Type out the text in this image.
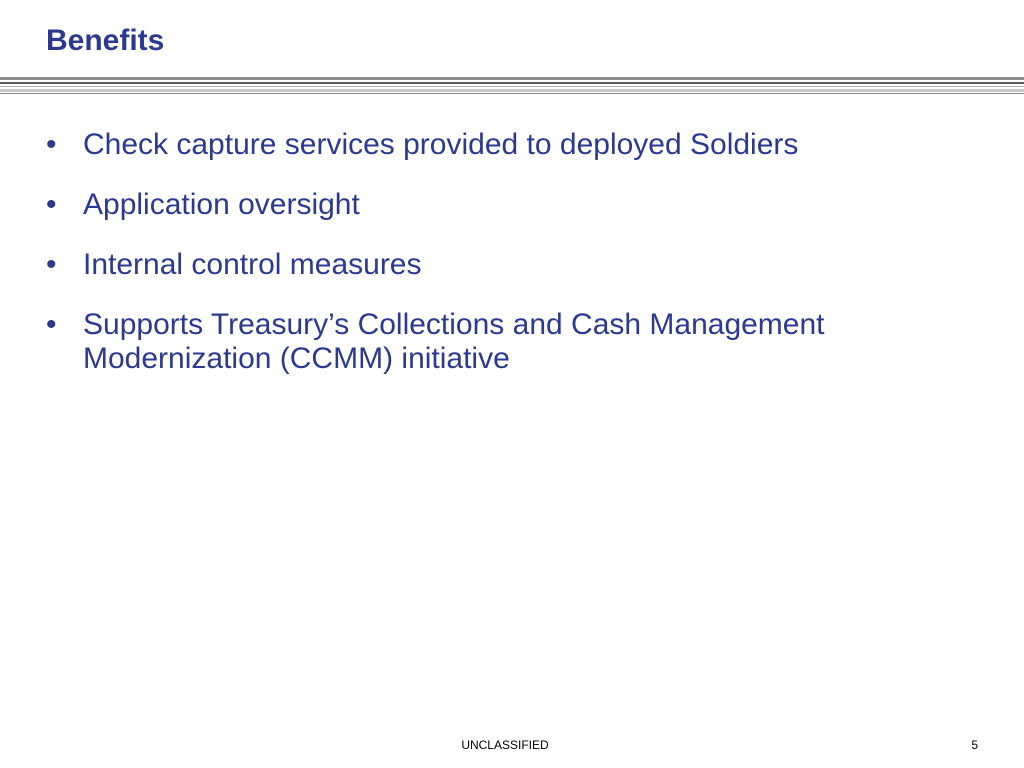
Benefits
• Check capture services provided to deployed Soldiers
• Application oversight
• Internal control measures
• Supports Treasury’s Collections and Cash Management Modernization (CCMM) initiative
UNCLASSIFIED	5
